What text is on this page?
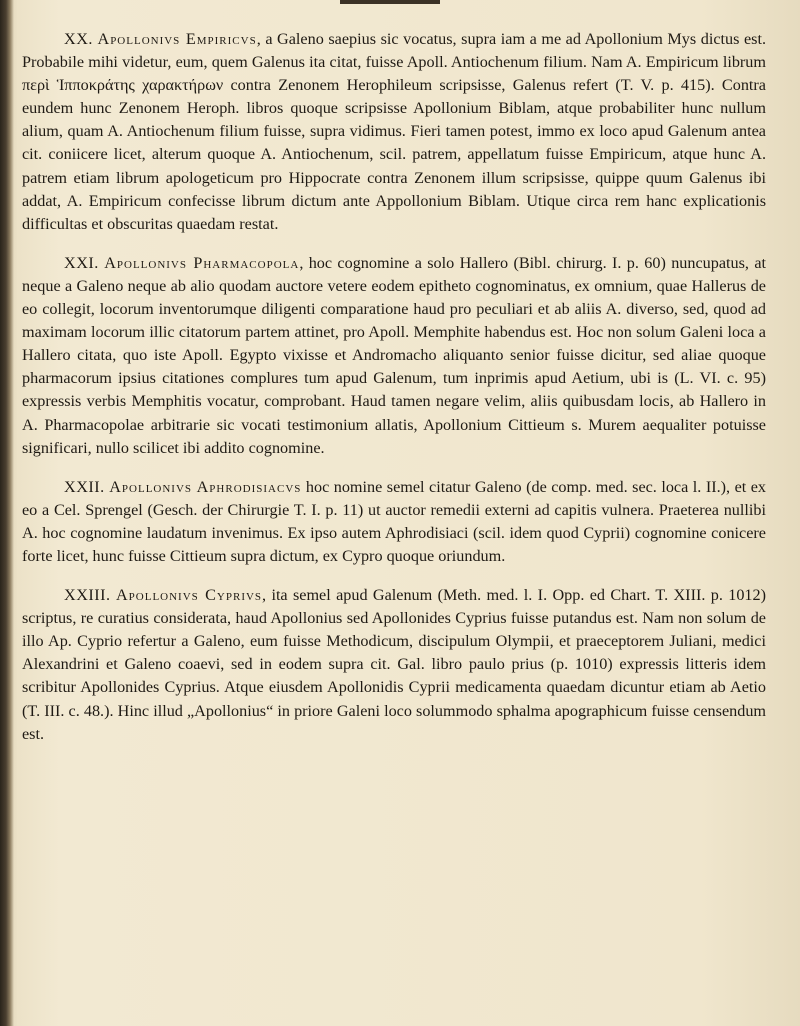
XX. Apollonivs Empiricvs, a Galeno saepius sic vocatus, supra iam a me ad Apollonium Mys dictus est. Probabile mihi videtur, eum, quem Galenus ita citat, fuisse Apoll. Antiochenum filium. Nam A. Empiricum librum περὶ Ἱπποκράτης χαρακτήρων contra Zenonem Herophileum scripsisse, Galenus refert (T. V. p. 415). Contra eundem hunc Zenonem Heroph. libros quoque scripsisse Apollonium Biblam, atque probabiliter hunc nullum alium, quam A. Antiochenum filium fuisse, supra vidimus. Fieri tamen potest, immo ex loco apud Galenum antea cit. coniicere licet, alterum quoque A. Antiochenum, scil. patrem, appellatum fuisse Empiricum, atque hunc A. patrem etiam librum apologeticum pro Hippocrate contra Zenonem illum scripsisse, quippe quum Galenus ibi addat, A. Empiricum confecisse librum dictum ante Appollonium Biblam. Utique circa rem hanc explicationis difficultas et obscuritas quaedam restat.

XXI. Apollonivs Pharmacopola, hoc cognomine a solo Hallero (Bibl. chirurg. I. p. 60) nuncupatus, at neque a Galeno neque ab alio quodam auctore vetere eodem epitheto cognominatus, ex omnium, quae Hallerus de eo collegit, locorum inventorumque diligenti comparatione haud pro peculiari et ab aliis A. diverso, sed, quod ad maximam locorum illic citatorum partem attinet, pro Apoll. Memphite habendus est. Hoc non solum Galeni loca a Hallero citata, quo iste Apoll. Egypto vixisse et Andromacho aliquanto senior fuisse dicitur, sed aliae quoque pharmacorum ipsius citationes complures tum apud Galenum, tum inprimis apud Aetium, ubi is (L. VI. c. 95) expressis verbis Memphitis vocatur, comprobant. Haud tamen negare velim, aliis quibusdam locis, ab Hallero in A. Pharmacopolae arbitrarie sic vocati testimonium allatis, Apollonium Cittieum s. Murem aequaliter potuisse significari, nullo scilicet ibi addito cognomine.

XXII. Apollonivs Aphrodisiacvs hoc nomine semel citatur Galeno (de comp. med. sec. loca l. II.), et ex eo a Cel. Sprengel (Gesch. der Chirurgie T. I. p. 11) ut auctor remedii externi ad capitis vulnera. Praeterea nullibi A. hoc cognomine laudatum invenimus. Ex ipso autem Aphrodisiaci (scil. idem quod Cyprii) cognomine conicere forte licet, hunc fuisse Cittieum supra dictum, ex Cypro quoque oriundum.

XXIII. Apollonivs Cyprivs, ita semel apud Galenum (Meth. med. l. I. Opp. ed Chart. T. XIII. p. 1012) scriptus, re curatius considerata, haud Apollonius sed Apollonides Cyprius fuisse putandus est. Nam non solum de illo Ap. Cyprio refertur a Galeno, eum fuisse Methodicum, discipulum Olympii, et praeceptorem Juliani, medici Alexandrini et Galeno coaevi, sed in eodem supra cit. Gal. libro paulo prius (p. 1010) expressis litteris idem scribitur Apollonides Cyprius. Atque eiusdem Apollonidis Cyprii medicamenta quaedam dicuntur etiam ab Aetio (T. III. c. 48.). Hinc illud „Apollonius“ in priore Galeni loco solummodo sphalma apographicum fuisse censendum est.
